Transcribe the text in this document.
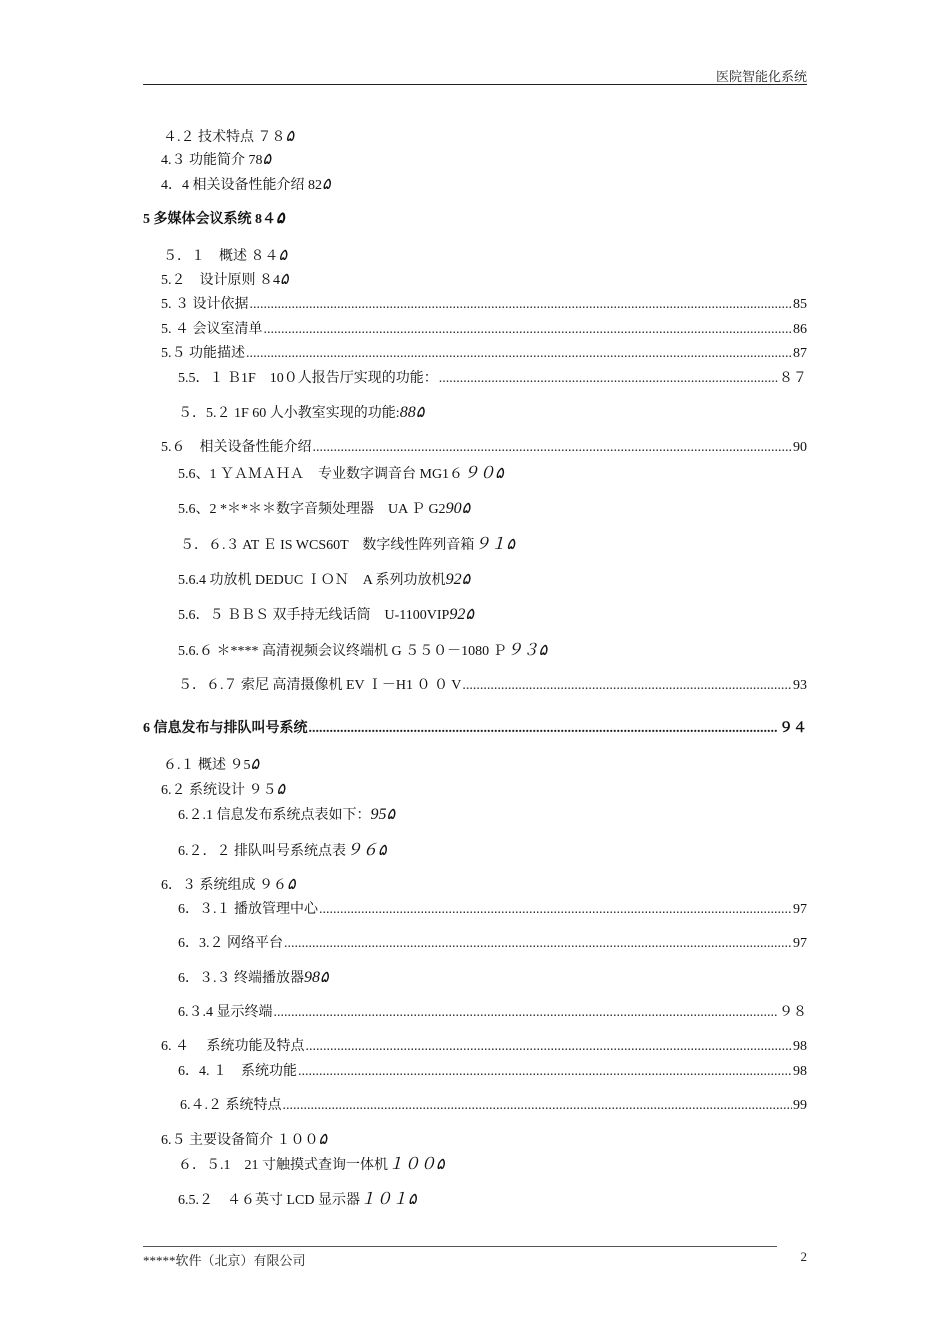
医院智能化系统
４.２ 技术特点 ７８ ۵
4.３ 功能简介 78 ۵
4．4 相关设备性能介绍 82 ۵
5 多媒体会议系统 8４ ۵
５．１　概述 ８４ ۵
5.２　设计原则 ８4 ۵
5. ３ 设计依据 .....	85
5. ４ 会议室清单 .....	86
5.５ 功能描述 .....	87
5.5．１ Ｂ1F　10０人报告厅实现的功能： .....	８７
５．5.２ 1F 60 人小教室实现的功能: 88۵
5.６　相关设备性能介绍 .....	90
5.6、1 ＹＡＭＡＨＡ　专业数字调音台 MG1６ ９０۵
5.6、2 *＊*＊＊数字音频处理器　UA Ｐ G2 90۵
５．６.３ AT Ｅ IS WCS60T　数字线性阵列音箱 ９１۵
5.6.4 功放机 DEDUC ＩＯＮ　A 系列功放机 92۵
5.6．５ ＢＢＳ 双手持无线话筒　U-1100VIP 92۵
5.6.６ ＊**** 高清视频会议终端机 G ５５０－1080 Ｐ ９３۵
５．６.７ 索尼 高清摄像机 EV Ｉ－H1 ０ ０ V .....	93
6 信息发布与排队叫号系统 .....	９４
６.１ 概述 ９5 ۵
6.２ 系统设计 ９５ ۵
6.２.1 信息发布系统点表如下： 95۵
6.２．２ 排队叫号系统点表 ９６۵
6．３ 系统组成 ９６ ۵
6．３.１ 播放管理中心 .....	97
6．3.２ 网络平台 .....	97
6．３.３ 终端播放器 98۵
6.３.4 显示终端 .....	９８
6. ４　 系统功能及特点 .....	98
6．4. １　系统功能 .....	98
6.４.２ 系统特点 .....	99
6.５ 主要设备简介 １００ ۵
６．５.1　21 寸触摸式查询一体机 １００۵
6.5.２　４６英寸 LCD 显示器 １０１۵
*****软件（北京）有限公司	2
